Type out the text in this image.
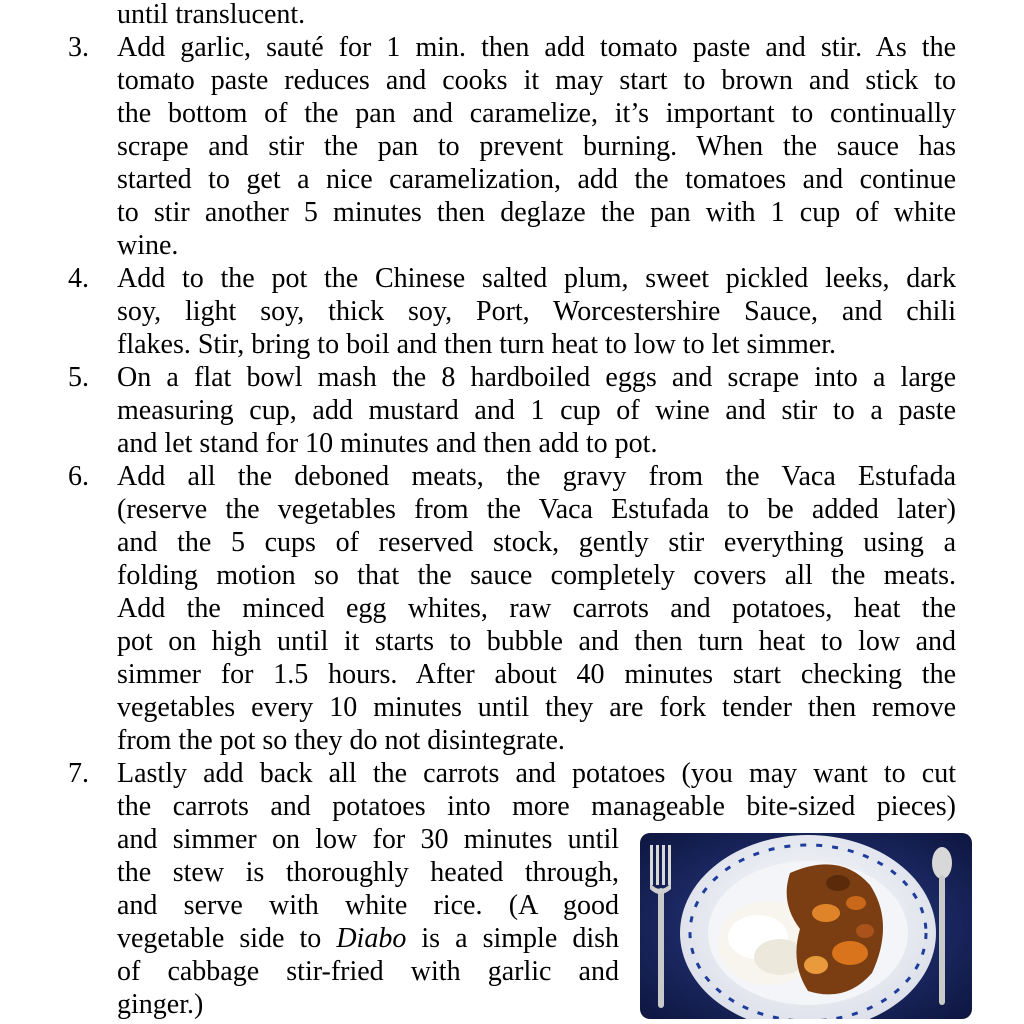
until translucent.
3. Add garlic, sauté for 1 min. then add tomato paste and stir. As the
tomato paste reduces and cooks it may start to brown and stick to
the bottom of the pan and caramelize, it’s important to continually
scrape and stir the pan to prevent burning. When the sauce has
started to get a nice caramelization, add the tomatoes and continue
to stir another 5 minutes then deglaze the pan with 1 cup of white
wine.
4. Add to the pot the Chinese salted plum, sweet pickled leeks, dark
soy, light soy, thick soy, Port, Worcestershire Sauce, and chili
flakes. Stir, bring to boil and then turn heat to low to let simmer.
5. On a flat bowl mash the 8 hardboiled eggs and scrape into a large
measuring cup, add mustard and 1 cup of wine and stir to a paste
and let stand for 10 minutes and then add to pot.
6. Add all the deboned meats, the gravy from the Vaca Estufada
(reserve the vegetables from the Vaca Estufada to be added later)
and the 5 cups of reserved stock, gently stir everything using a
folding motion so that the sauce completely covers all the meats.
Add the minced egg whites, raw carrots and potatoes, heat the
pot on high until it starts to bubble and then turn heat to low and
simmer for 1.5 hours. After about 40 minutes start checking the
vegetables every 10 minutes until they are fork tender then remove
from the pot so they do not disintegrate.
7. Lastly add back all the carrots and potatoes (you may want to cut
the carrots and potatoes into more manageable bite-sized pieces)
and simmer on low for 30 minutes until
the stew is thoroughly heated through,
and serve with white rice. (A good
vegetable side to Diabo is a simple dish
of cabbage stir-fried with garlic and
ginger.)
